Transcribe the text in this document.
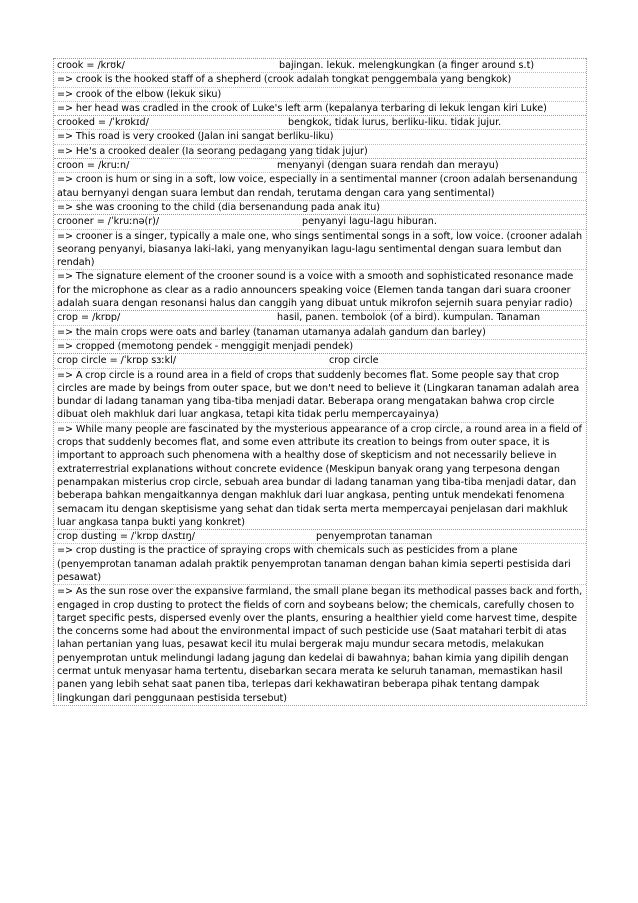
crook = /krʊk/	bajingan. lekuk. melengkungkan (a finger around s.t)
=> crook is the hooked staff of a shepherd (crook adalah tongkat penggembala yang bengkok)
=> crook of the elbow (lekuk siku)
=> her head was cradled in the crook of Luke's left arm (kepalanya terbaring di lekuk lengan kiri Luke)
crooked = /ˈkrʊkɪd/	bengkok, tidak lurus, berliku-liku. tidak jujur.
=> This road is very crooked (Jalan ini sangat berliku-liku)
=> He's a crooked dealer (Ia seorang pedagang yang tidak jujur)
croon = /kruːn/	menyanyi (dengan suara rendah dan merayu)
=> croon is hum or sing in a soft, low voice, especially in a sentimental manner (croon adalah bersenandung atau bernyanyi dengan suara lembut dan rendah, terutama dengan cara yang sentimental)
=> she was crooning to the child (dia bersenandung pada anak itu)
crooner = /ˈkruːnə(r)/	penyanyi lagu-lagu hiburan.
=> crooner is a singer, typically a male one, who sings sentimental songs in a soft, low voice. (crooner adalah seorang penyanyi, biasanya laki-laki, yang menyanyikan lagu-lagu sentimental dengan suara lembut dan rendah)
=> The signature element of the crooner sound is a voice with a smooth and sophisticated resonance made for the microphone as clear as a radio announcers speaking voice (Elemen tanda tangan dari suara crooner adalah suara dengan resonansi halus dan canggih yang dibuat untuk mikrofon sejernih suara penyiar radio)
crop = /krɒp/	hasil, panen. tembolok (of a bird). kumpulan. Tanaman
=> the main crops were oats and barley (tanaman utamanya adalah gandum dan barley)
=> cropped (memotong pendek - menggigit menjadi pendek)
crop circle = /ˈkrɒp sɜːkl/	crop circle
=> A crop circle is a round area in a field of crops that suddenly becomes flat. Some people say that crop circles are made by beings from outer space, but we don't need to believe it (Lingkaran tanaman adalah area bundar di ladang tanaman yang tiba-tiba menjadi datar. Beberapa orang mengatakan bahwa crop circle dibuat oleh makhluk dari luar angkasa, tetapi kita tidak perlu mempercayainya)
=> While many people are fascinated by the mysterious appearance of a crop circle, a round area in a field of crops that suddenly becomes flat, and some even attribute its creation to beings from outer space, it is important to approach such phenomena with a healthy dose of skepticism and not necessarily believe in extraterrestrial explanations without concrete evidence (Meskipun banyak orang yang terpesona dengan penampakan misterius crop circle, sebuah area bundar di ladang tanaman yang tiba-tiba menjadi datar, dan beberapa bahkan mengaitkannya dengan makhluk dari luar angkasa, penting untuk mendekati fenomena semacam itu dengan skeptisisme yang sehat dan tidak serta merta mempercayai penjelasan dari makhluk luar angkasa tanpa bukti yang konkret)
crop dusting = /ˈkrɒp dʌstɪŋ/	penyemprotan tanaman
=> crop dusting is the practice of spraying crops with chemicals such as pesticides from a plane (penyemprotan tanaman adalah praktik penyemprotan tanaman dengan bahan kimia seperti pestisida dari pesawat)
=> As the sun rose over the expansive farmland, the small plane began its methodical passes back and forth, engaged in crop dusting to protect the fields of corn and soybeans below; the chemicals, carefully chosen to target specific pests, dispersed evenly over the plants, ensuring a healthier yield come harvest time, despite the concerns some had about the environmental impact of such pesticide use (Saat matahari terbit di atas lahan pertanian yang luas, pesawat kecil itu mulai bergerak maju mundur secara metodis, melakukan penyemprotan untuk melindungi ladang jagung dan kedelai di bawahnya; bahan kimia yang dipilih dengan cermat untuk menyasar hama tertentu, disebarkan secara merata ke seluruh tanaman, memastikan hasil panen yang lebih sehat saat panen tiba, terlepas dari kekhawatiran beberapa pihak tentang dampak lingkungan dari penggunaan pestisida tersebut)
